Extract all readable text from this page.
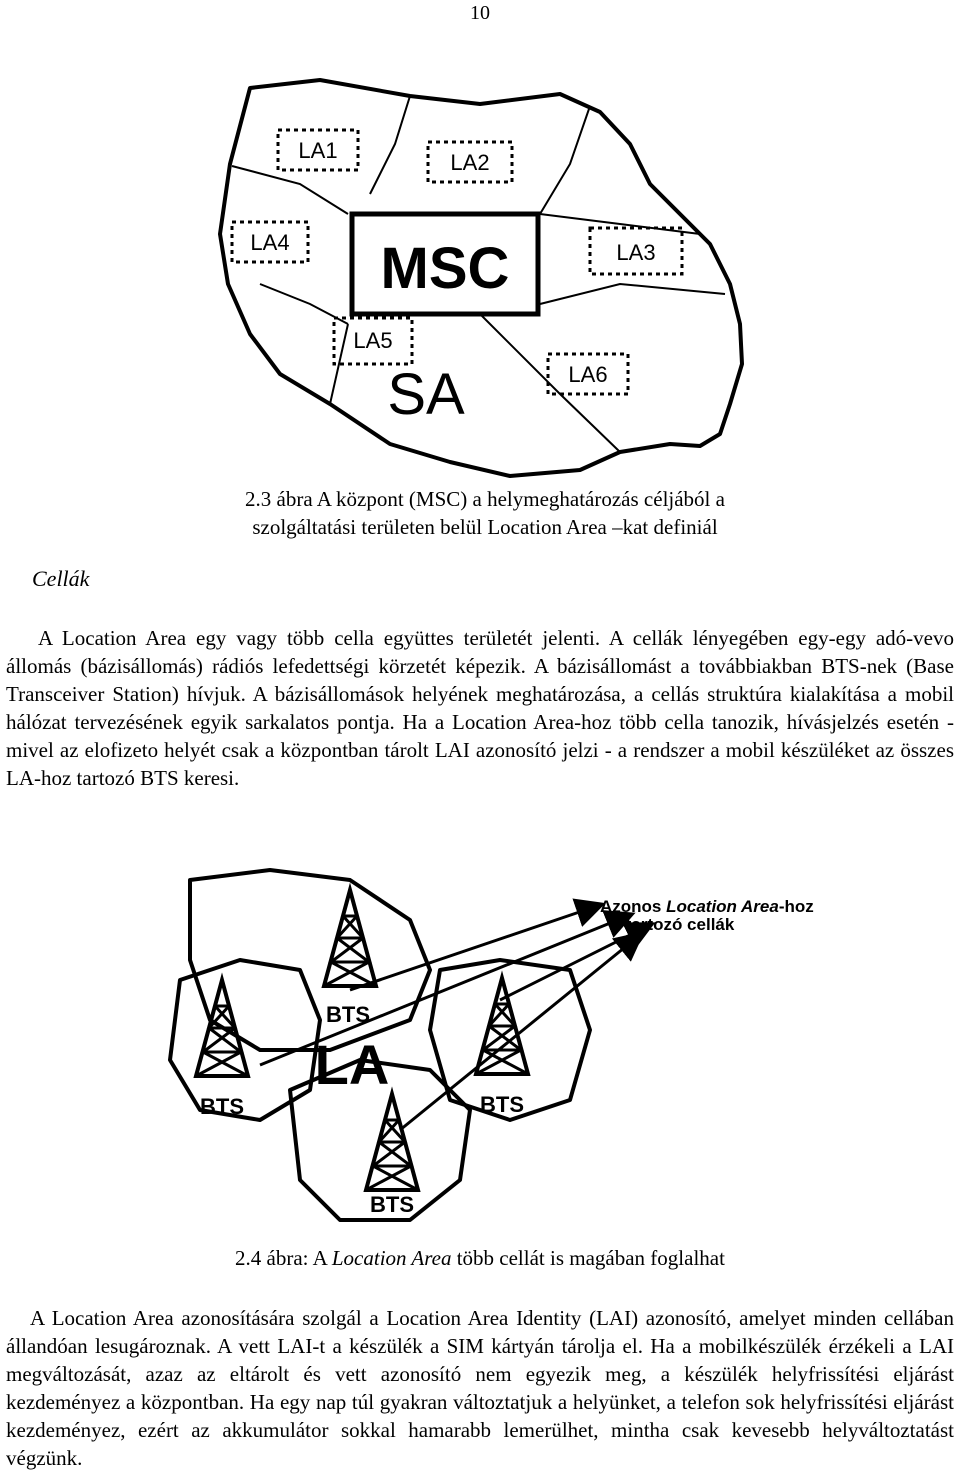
10
LA1	LA2
LA4	LA3
LA5
LA6
MSC
SA
2.3 ábra A központ (MSC) a helymeghatározás céljából a
szolgáltatási területen belül Location Area –kat definiál
Cellák
A Location Area egy vagy több cella együttes területét jelenti. A cellák lényegében egy-egy adó-vevo állomás (bázisállomás) rádiós lefedettségi körzetét képezik. A bázisállomást a továbbiakban BTS-nek (Base Transceiver Station) hívjuk. A bázisállomások helyének meghatározása, a cellás struktúra kialakítása a mobil hálózat tervezésének egyik sarkalatos pontja. Ha a Location Area-hoz több cella tanozik, hívásjelzés esetén - mivel az elofizeto helyét csak a központban tárolt LAI azonosító jelzi - a rendszer a mobil készüléket az összes LA-hoz tartozó BTS keresi.
BTS
BTS	BTS
BTS
LA
Azonos Location Area-hoz
tartozó cellák
2.4 ábra: A Location Area több cellát is magában foglalhat
A Location Area azonosítására szolgál a Location Area Identity (LAI) azonosító, amelyet minden cellában állandóan lesugároznak. A vett LAI-t a készülék a SIM kártyán tárolja el. Ha a mobilkészülék érzékeli a LAI megváltozását, azaz az eltárolt és vett azonosító nem egyezik meg, a készülék helyfrissítési eljárást kezdeményez a központban. Ha egy nap túl gyakran változtatjuk a helyünket, a telefon sok helyfrissítési eljárást kezdeményez, ezért az akkumulátor sokkal hamarabb lemerülhet, mintha csak kevesebb helyváltoztatást végzünk.
